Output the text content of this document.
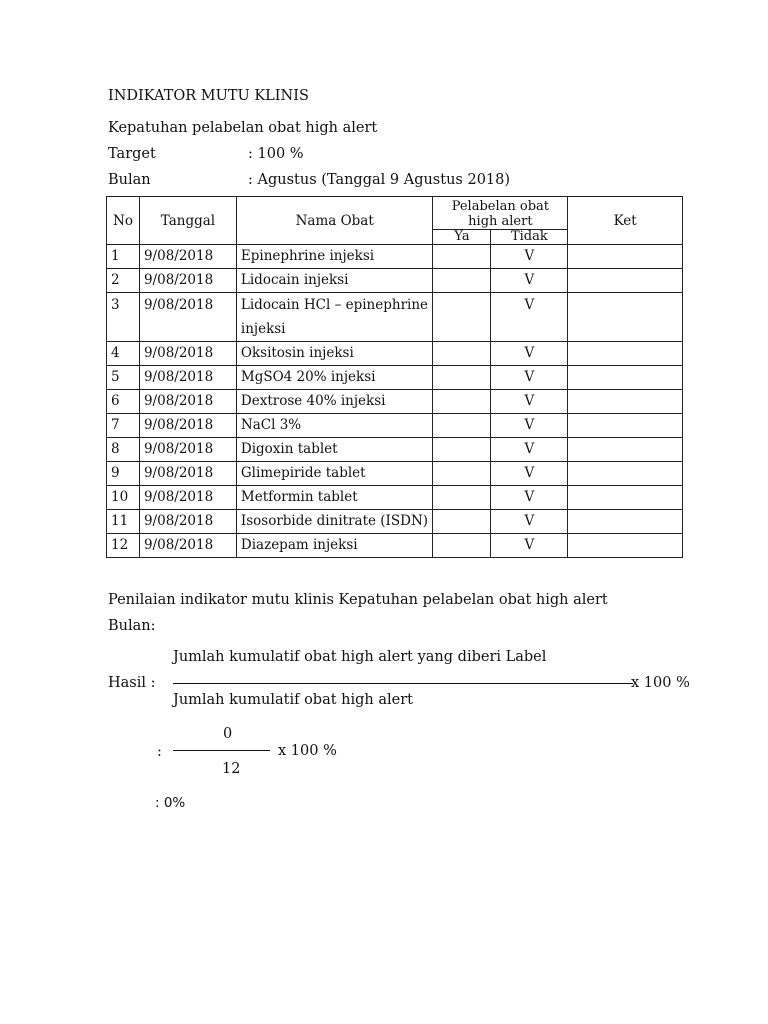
INDIKATOR MUTU KLINIS
Kepatuhan pelabelan obat high alert
Target	: 100 %
Bulan	: Agustus (Tanggal 9 Agustus 2018)
No	Tanggal	Nama Obat	Pelabelan obat high alert		Ket
			Ya	Tidak	
1	9/08/2018	Epinephrine injeksi		V	
2	9/08/2018	Lidocain injeksi		V	
3	9/08/2018	Lidocain HCl – epinephrine injeksi		V	
4	9/08/2018	Oksitosin injeksi		V	
5	9/08/2018	MgSO4 20% injeksi		V	
6	9/08/2018	Dextrose 40% injeksi		V	
7	9/08/2018	NaCl 3%		V	
8	9/08/2018	Digoxin tablet		V	
9	9/08/2018	Glimepiride tablet		V	
10	9/08/2018	Metformin tablet		V	
11	9/08/2018	Isosorbide dinitrate (ISDN)		V	
12	9/08/2018	Diazepam injeksi		V	
Penilaian indikator mutu klinis Kepatuhan pelabelan obat high alert
Bulan:
Jumlah kumulatif obat high alert yang diberi Label
Hasil :	x 100 %
Jumlah kumulatif obat high alert
0
:	x 100 %
12
: 0%
